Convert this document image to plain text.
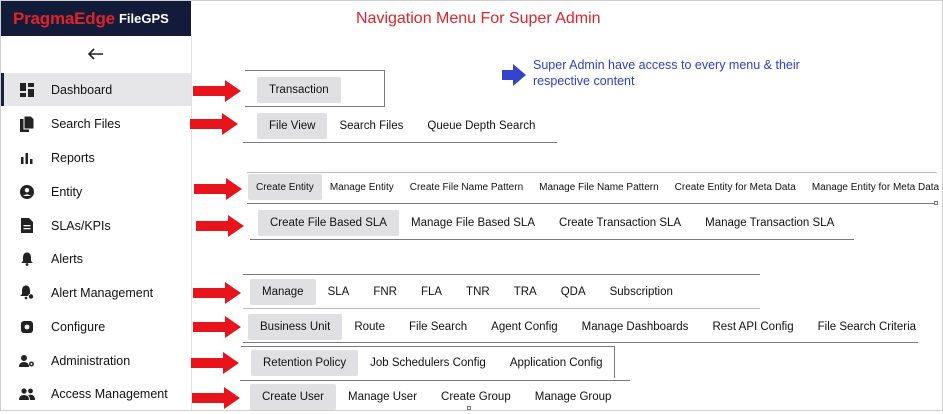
PragmaEdge FileGPS
Dashboard
Search Files
Reports
Entity
SLAs/KPIs
Alerts
Alert Management
Configure
Administration
Access Management
Navigation Menu For Super Admin
Super Admin have access to every menu & their respective content
Transaction
File View	Search Files	Queue Depth Search
Create Entity	Manage Entity	Create File Name Pattern	Manage File Name Pattern	Create Entity for Meta Data	Manage Entity for Meta Data
Create File Based SLA	Manage File Based SLA	Create Transaction SLA	Manage Transaction SLA
Manage	SLA	FNR	FLA	TNR	TRA	QDA	Subscription
Business Unit	Route	File Search	Agent Config	Manage Dashboards	Rest API Config	File Search Criteria
Retention Policy	Job Schedulers Config	Application Config
Create User	Manage User	Create Group	Manage Group
